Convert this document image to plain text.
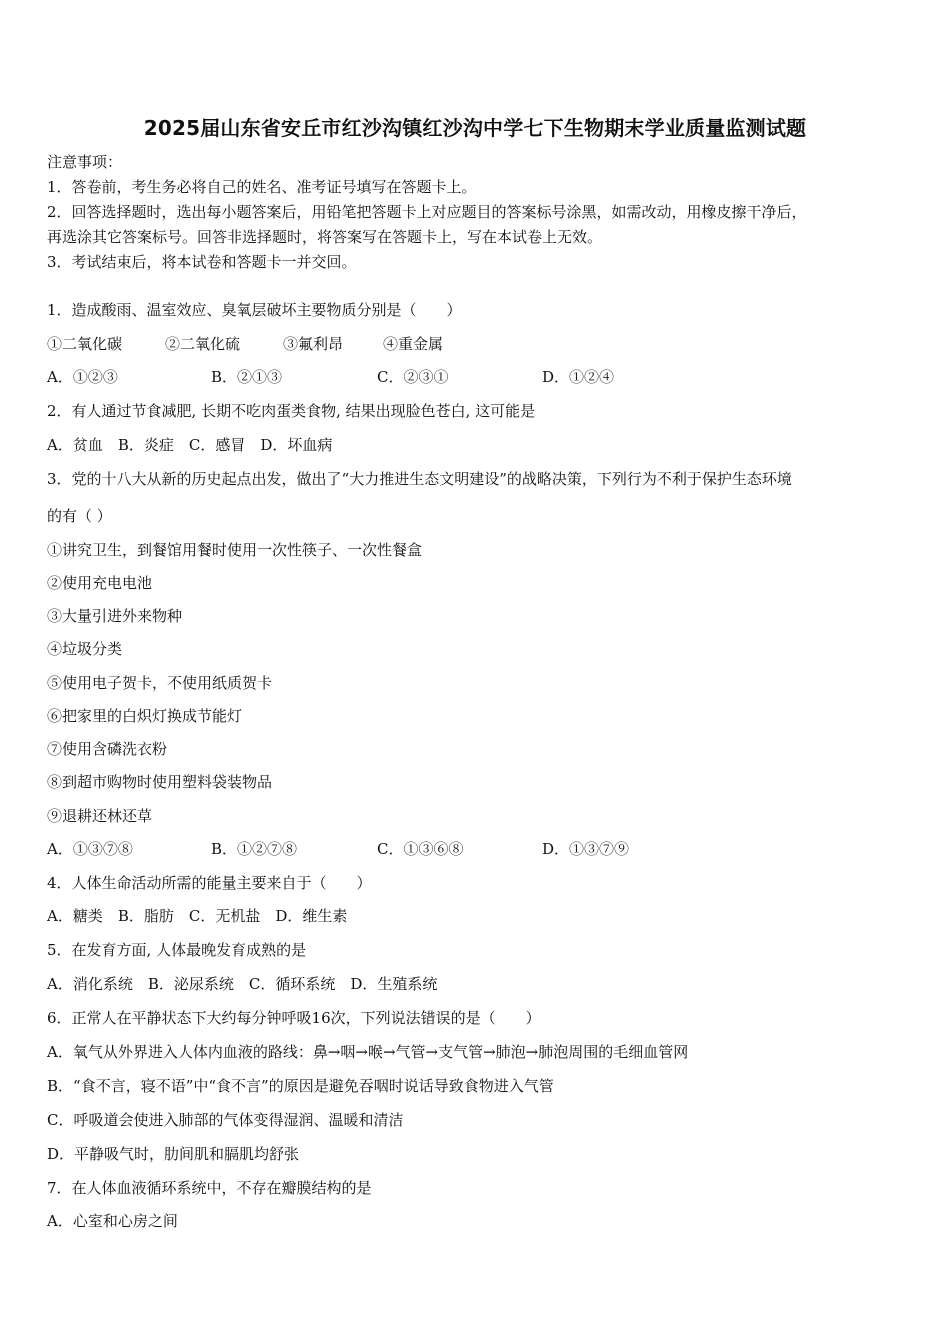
2025届山东省安丘市红沙沟镇红沙沟中学七下生物期末学业质量监测试题
注意事项：
1．答卷前，考生务必将自己的姓名、准考证号填写在答题卡上。
2．回答选择题时，选出每小题答案后，用铅笔把答题卡上对应题目的答案标号涂黑，如需改动，用橡皮擦干净后，
再选涂其它答案标号。回答非选择题时，将答案写在答题卡上，写在本试卷上无效。
3．考试结束后，将本试卷和答题卡一并交回。
1．造成酸雨、温室效应、臭氧层破坏主要物质分别是（　　）
①二氧化碳	②二氧化硫	③氟利昂	④重金属
A．①②③	B．②①③	C．②③①	D．①②④
2．有人通过节食减肥, 长期不吃肉蛋类食物, 结果出现脸色苍白, 这可能是
A．贫血　B．炎症　C．感冒　D．坏血病
3．党的十八大从新的历史起点出发，做出了“大力推进生态文明建设”的战略决策，下列行为不利于保护生态环境
的有（ ）
①讲究卫生，到餐馆用餐时使用一次性筷子、一次性餐盒
②使用充电电池
③大量引进外来物种
④垃圾分类
⑤使用电子贺卡，不使用纸质贺卡
⑥把家里的白炽灯换成节能灯
⑦使用含磷洗衣粉
⑧到超市购物时使用塑料袋装物品
⑨退耕还林还草
A．①③⑦⑧	B．①②⑦⑧	C．①③⑥⑧	D．①③⑦⑨
4．人体生命活动所需的能量主要来自于（　　）
A．糖类　B．脂肪　C．无机盐　D．维生素
5．在发育方面, 人体最晚发育成熟的是
A．消化系统　B．泌尿系统　C．循环系统　D．生殖系统
6．正常人在平静状态下大约每分钟呼吸16次，下列说法错误的是（　　）
A．氧气从外界进入人体内血液的路线：鼻→咽→喉→气管→支气管→肺泡→肺泡周围的毛细血管网
B．“食不言，寝不语”中“食不言”的原因是避免吞咽时说话导致食物进入气管
C．呼吸道会使进入肺部的气体变得湿润、温暖和清洁
D．平静吸气时，肋间肌和膈肌均舒张
7．在人体血液循环系统中，不存在瓣膜结构的是
A．心室和心房之间
